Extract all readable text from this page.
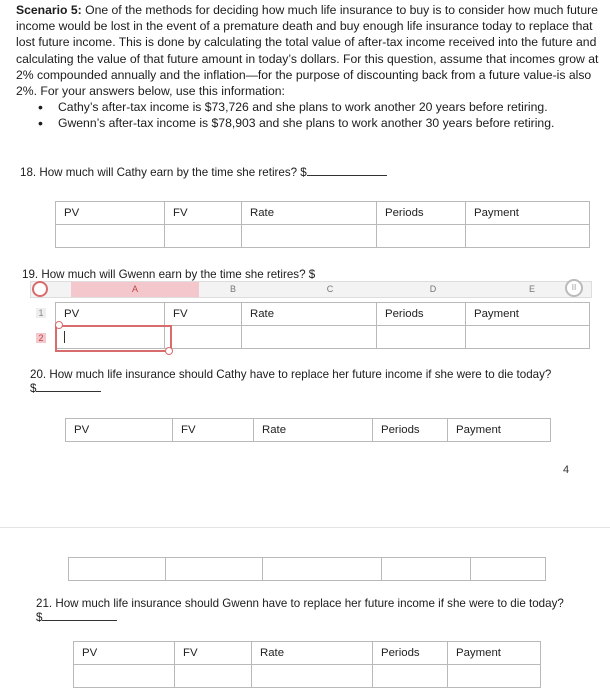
Scenario 5: One of the methods for deciding how much life insurance to buy is to consider how much future income would be lost in the event of a premature death and buy enough life insurance today to replace that lost future income. This is done by calculating the total value of after-tax income received into the future and calculating the value of that future amount in today’s dollars. For this question, assume that incomes grow at 2% compounded annually and the inflation—for the purpose of discounting back from a future value-is also 2%. For your answers below, use this information:
• Cathy’s after-tax income is $73,726 and she plans to work another 20 years before retiring.
• Gwenn’s after-tax income is $78,903 and she plans to work another 30 years before retiring.
18. How much will Cathy earn by the time she retires? $
PV	FV	Rate	Periods	Payment

19. How much will Gwenn earn by the time she retires? $
A	B	C	D	E	II
1
2
PV	FV	Rate	Periods	Payment

20. How much life insurance should Cathy have to replace her future income if she were to die today?
$
PV	FV	Rate	Periods	Payment
4

21. How much life insurance should Gwenn have to replace her future income if she were to die today?
$
PV	FV	Rate	Periods	Payment
